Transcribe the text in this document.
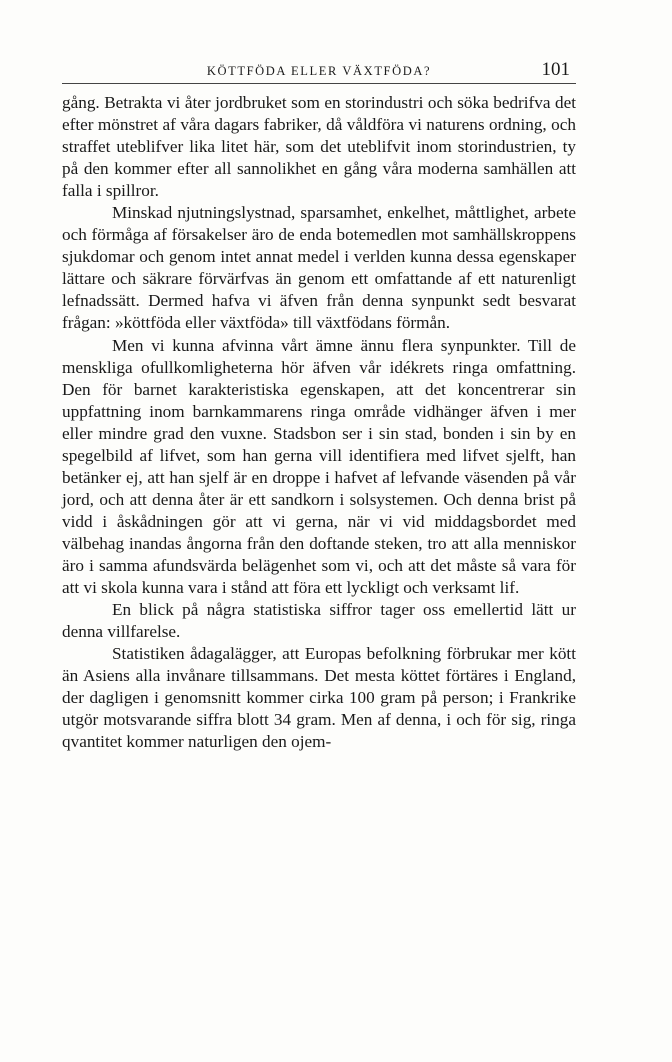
KÖTTFÖDA ELLER VÄXTFÖDA?	101

gång. Betrakta vi åter jordbruket som en storindustri och söka bedrifva det efter mönstret af våra dagars fabriker, då våldföra vi naturens ordning, och straffet uteblifver lika litet här, som det uteblifvit inom storindustrien, ty på den kommer efter all sannolikhet en gång våra moderna samhällen att falla i spillror.

Minskad njutningslystnad, sparsamhet, enkelhet, måttlighet, arbete och förmåga af försakelser äro de enda botemedlen mot samhällskroppens sjukdomar och genom intet annat medel i verlden kunna dessa egenskaper lättare och säkrare förvärfvas än genom ett omfattande af ett naturenligt lefnadssätt. Dermed hafva vi äfven från denna synpunkt sedt besvarat frågan: »köttföda eller växtföda» till växtfödans förmån.

Men vi kunna afvinna vårt ämne ännu flera synpunkter. Till de menskliga ofullkomligheterna hör äfven vår idékrets ringa omfattning. Den för barnet karakteristiska egenskapen, att det koncentrerar sin uppfattning inom barnkammarens ringa område vidhänger äfven i mer eller mindre grad den vuxne. Stadsbon ser i sin stad, bonden i sin by en spegelbild af lifvet, som han gerna vill identifiera med lifvet sjelft, han betänker ej, att han sjelf är en droppe i hafvet af lefvande väsenden på vår jord, och att denna åter är ett sandkorn i solsystemen. Och denna brist på vidd i åskådningen gör att vi gerna, när vi vid middagsbordet med välbehag inandas ångorna från den doftande steken, tro att alla menniskor äro i samma afundsvärda belägenhet som vi, och att det måste så vara för att vi skola kunna vara i stånd att föra ett lyckligt och verksamt lif.

En blick på några statistiska siffror tager oss emellertid lätt ur denna villfarelse.

Statistiken ådagalägger, att Europas befolkning förbrukar mer kött än Asiens alla invånare tillsammans. Det mesta köttet förtäres i England, der dagligen i genomsnitt kommer cirka 100 gram på person; i Frankrike utgör motsvarande siffra blott 34 gram. Men af denna, i och för sig, ringa qvantitet kommer naturligen den ojem-
